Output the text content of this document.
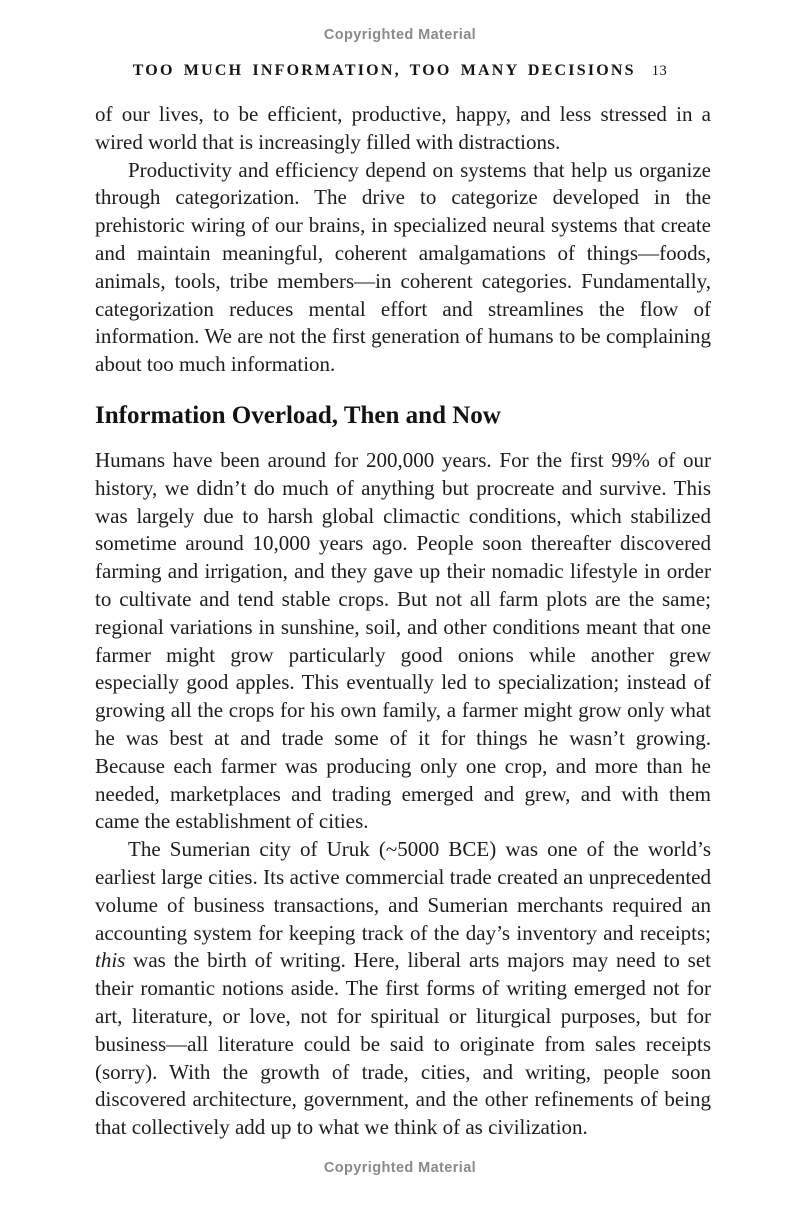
Copyrighted Material
TOO MUCH INFORMATION, TOO MANY DECISIONS 13

of our lives, to be efficient, productive, happy, and less stressed in a wired world that is increasingly filled with distractions.

Productivity and efficiency depend on systems that help us organize through categorization. The drive to categorize developed in the prehistoric wiring of our brains, in specialized neural systems that create and maintain meaningful, coherent amalgamations of things—foods, animals, tools, tribe members—in coherent categories. Fundamentally, categorization reduces mental effort and streamlines the flow of information. We are not the first generation of humans to be complaining about too much information.

Information Overload, Then and Now

Humans have been around for 200,000 years. For the first 99% of our history, we didn’t do much of anything but procreate and survive. This was largely due to harsh global climactic conditions, which stabilized sometime around 10,000 years ago. People soon thereafter discovered farming and irrigation, and they gave up their nomadic lifestyle in order to cultivate and tend stable crops. But not all farm plots are the same; regional variations in sunshine, soil, and other conditions meant that one farmer might grow particularly good onions while another grew especially good apples. This eventually led to specialization; instead of growing all the crops for his own family, a farmer might grow only what he was best at and trade some of it for things he wasn’t growing. Because each farmer was producing only one crop, and more than he needed, marketplaces and trading emerged and grew, and with them came the establishment of cities.

The Sumerian city of Uruk (~5000 BCE) was one of the world’s earliest large cities. Its active commercial trade created an unprecedented volume of business transactions, and Sumerian merchants required an accounting system for keeping track of the day’s inventory and receipts; this was the birth of writing. Here, liberal arts majors may need to set their romantic notions aside. The first forms of writing emerged not for art, literature, or love, not for spiritual or liturgical purposes, but for business—all literature could be said to originate from sales receipts (sorry). With the growth of trade, cities, and writing, people soon discovered architecture, government, and the other refinements of being that collectively add up to what we think of as civilization.

Copyrighted Material
